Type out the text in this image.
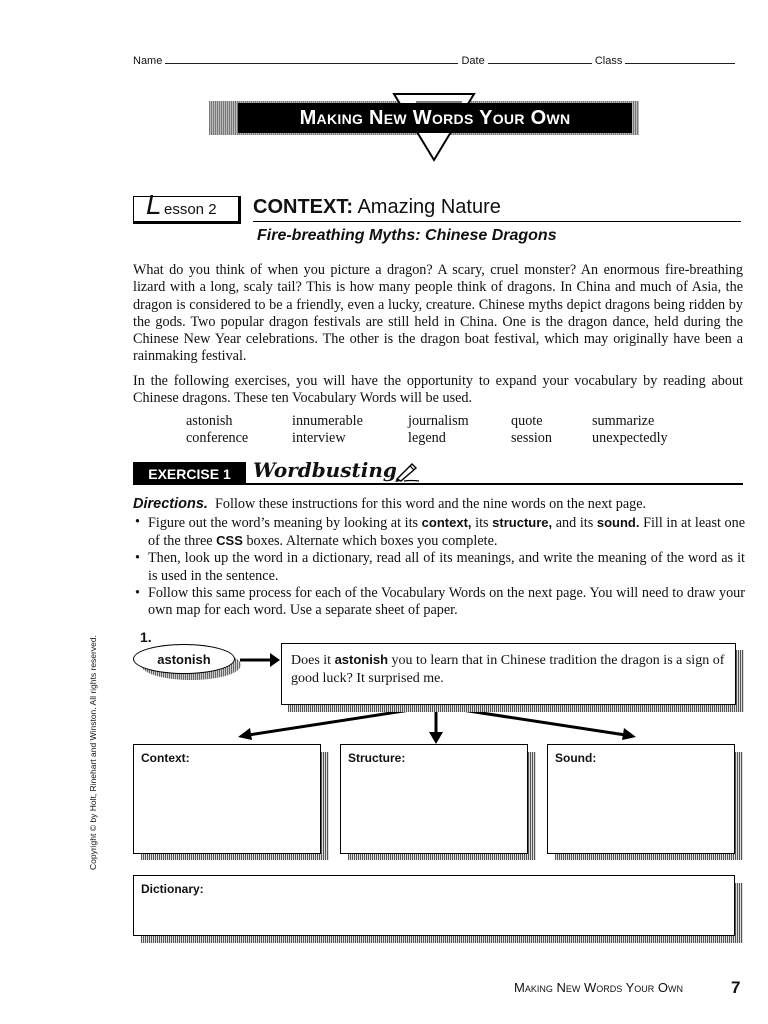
Name	Date	Class
Making New Words Your Own
L esson 2 CONTEXT: Amazing Nature
Fire-breathing Myths: Chinese Dragons
What do you think of when you picture a dragon? A scary, cruel monster? An enormous fire-breathing lizard with a long, scaly tail? This is how many people think of dragons. In China and much of Asia, the dragon is considered to be a friendly, even a lucky, creature. Chinese myths depict dragons being ridden by the gods. Two popular dragon festivals are still held in China. One is the dragon dance, held during the Chinese New Year celebrations. The other is the dragon boat festival, which may originally have been a rainmaking festival.
In the following exercises, you will have the opportunity to expand your vocabulary by reading about Chinese dragons. These ten Vocabulary Words will be used.
astonish	innumerable	journalism	quote	summarize
conference	interview	legend	session	unexpectedly
EXERCISE 1	Wordbusting
Directions. Follow these instructions for this word and the nine words on the next page.
• Figure out the word’s meaning by looking at its context, its structure, and its sound. Fill in at least one of the three CSS boxes. Alternate which boxes you complete.
• Then, look up the word in a dictionary, read all of its meanings, and write the meaning of the word as it is used in the sentence.
• Follow this same process for each of the Vocabulary Words on the next page. You will need to draw your own map for each word. Use a separate sheet of paper.
1.
astonish	Does it astonish you to learn that in Chinese tradition the dragon is a sign of good luck? It surprised me.
Context:	Structure:	Sound:
Dictionary:
Copyright © by Holt, Rinehart and Winston. All rights reserved.
Making New Words Your Own	7
